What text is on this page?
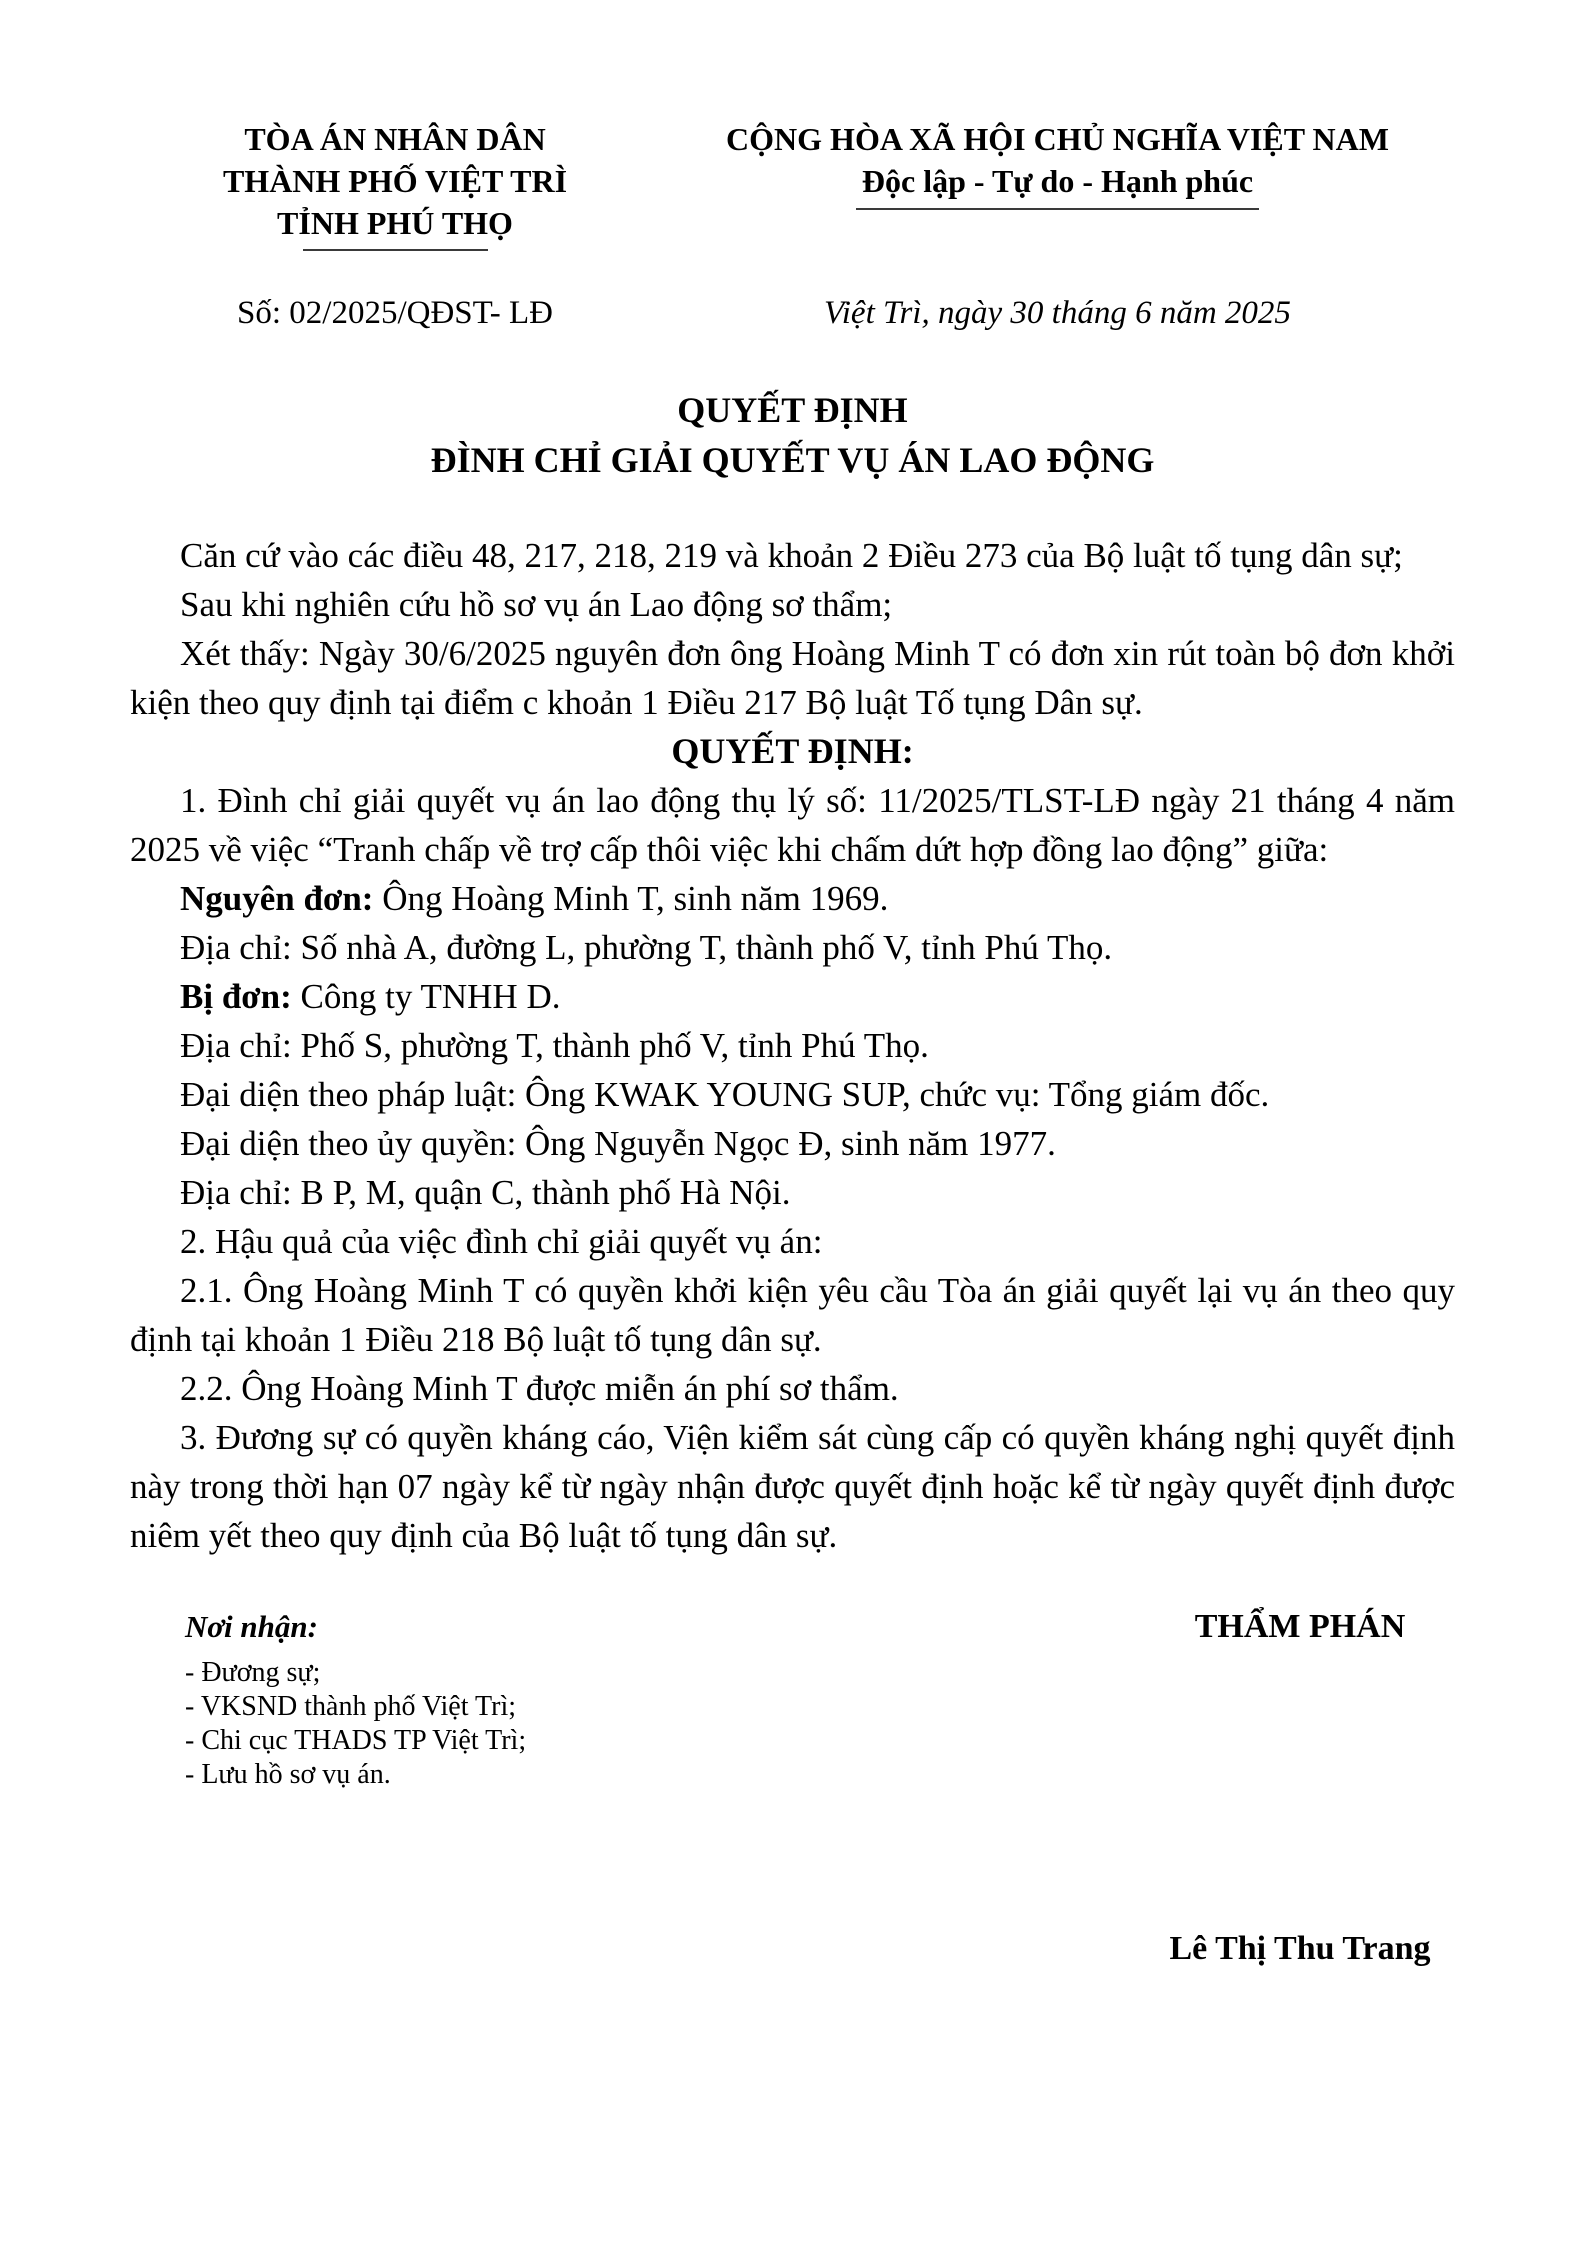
TÒA ÁN NHÂN DÂN
THÀNH PHỐ VIỆT TRÌ
TỈNH PHÚ THỌ
CỘNG HÒA XÃ HỘI CHỦ NGHĨA VIỆT NAM
Độc lập - Tự do - Hạnh phúc
Số: 02/2025/QĐST- LĐ	Việt Trì, ngày 30 tháng 6 năm 2025
QUYẾT ĐỊNH
ĐÌNH CHỈ GIẢI QUYẾT VỤ ÁN LAO ĐỘNG

Căn cứ vào các điều 48, 217, 218, 219 và khoản 2 Điều 273 của Bộ luật tố tụng dân sự;

Sau khi nghiên cứu hồ sơ vụ án Lao động sơ thẩm;

Xét thấy: Ngày 30/6/2025 nguyên đơn ông Hoàng Minh T có đơn xin rút toàn bộ đơn khởi kiện theo quy định tại điểm c khoản 1 Điều 217 Bộ luật Tố tụng Dân sự.

QUYẾT ĐỊNH:

1. Đình chỉ giải quyết vụ án lao động thụ lý số: 11/2025/TLST-LĐ ngày 21 tháng 4 năm 2025 về việc “Tranh chấp về trợ cấp thôi việc khi chấm dứt hợp đồng lao động” giữa:

Nguyên đơn: Ông Hoàng Minh T, sinh năm 1969.

Địa chỉ: Số nhà A, đường L, phường T, thành phố V, tỉnh Phú Thọ.

Bị đơn: Công ty TNHH D.

Địa chỉ: Phố S, phường T, thành phố V, tỉnh Phú Thọ.

Đại diện theo pháp luật: Ông KWAK YOUNG SUP, chức vụ: Tổng giám đốc.

Đại diện theo ủy quyền: Ông Nguyễn Ngọc Đ, sinh năm 1977.

Địa chỉ: B P, M, quận C, thành phố Hà Nội.

2. Hậu quả của việc đình chỉ giải quyết vụ án:

2.1. Ông Hoàng Minh T có quyền khởi kiện yêu cầu Tòa án giải quyết lại vụ án theo quy định tại khoản 1 Điều 218 Bộ luật tố tụng dân sự.

2.2. Ông Hoàng Minh T được miễn án phí sơ thẩm.

3. Đương sự có quyền kháng cáo, Viện kiểm sát cùng cấp có quyền kháng nghị quyết định này trong thời hạn 07 ngày kể từ ngày nhận được quyết định hoặc kể từ ngày quyết định được niêm yết theo quy định của Bộ luật tố tụng dân sự.

Nơi nhận:
- Đương sự;
- VKSND thành phố Việt Trì;
- Chi cục THADS TP Việt Trì;
- Lưu hồ sơ vụ án.
THẨM PHÁN
Lê Thị Thu Trang
